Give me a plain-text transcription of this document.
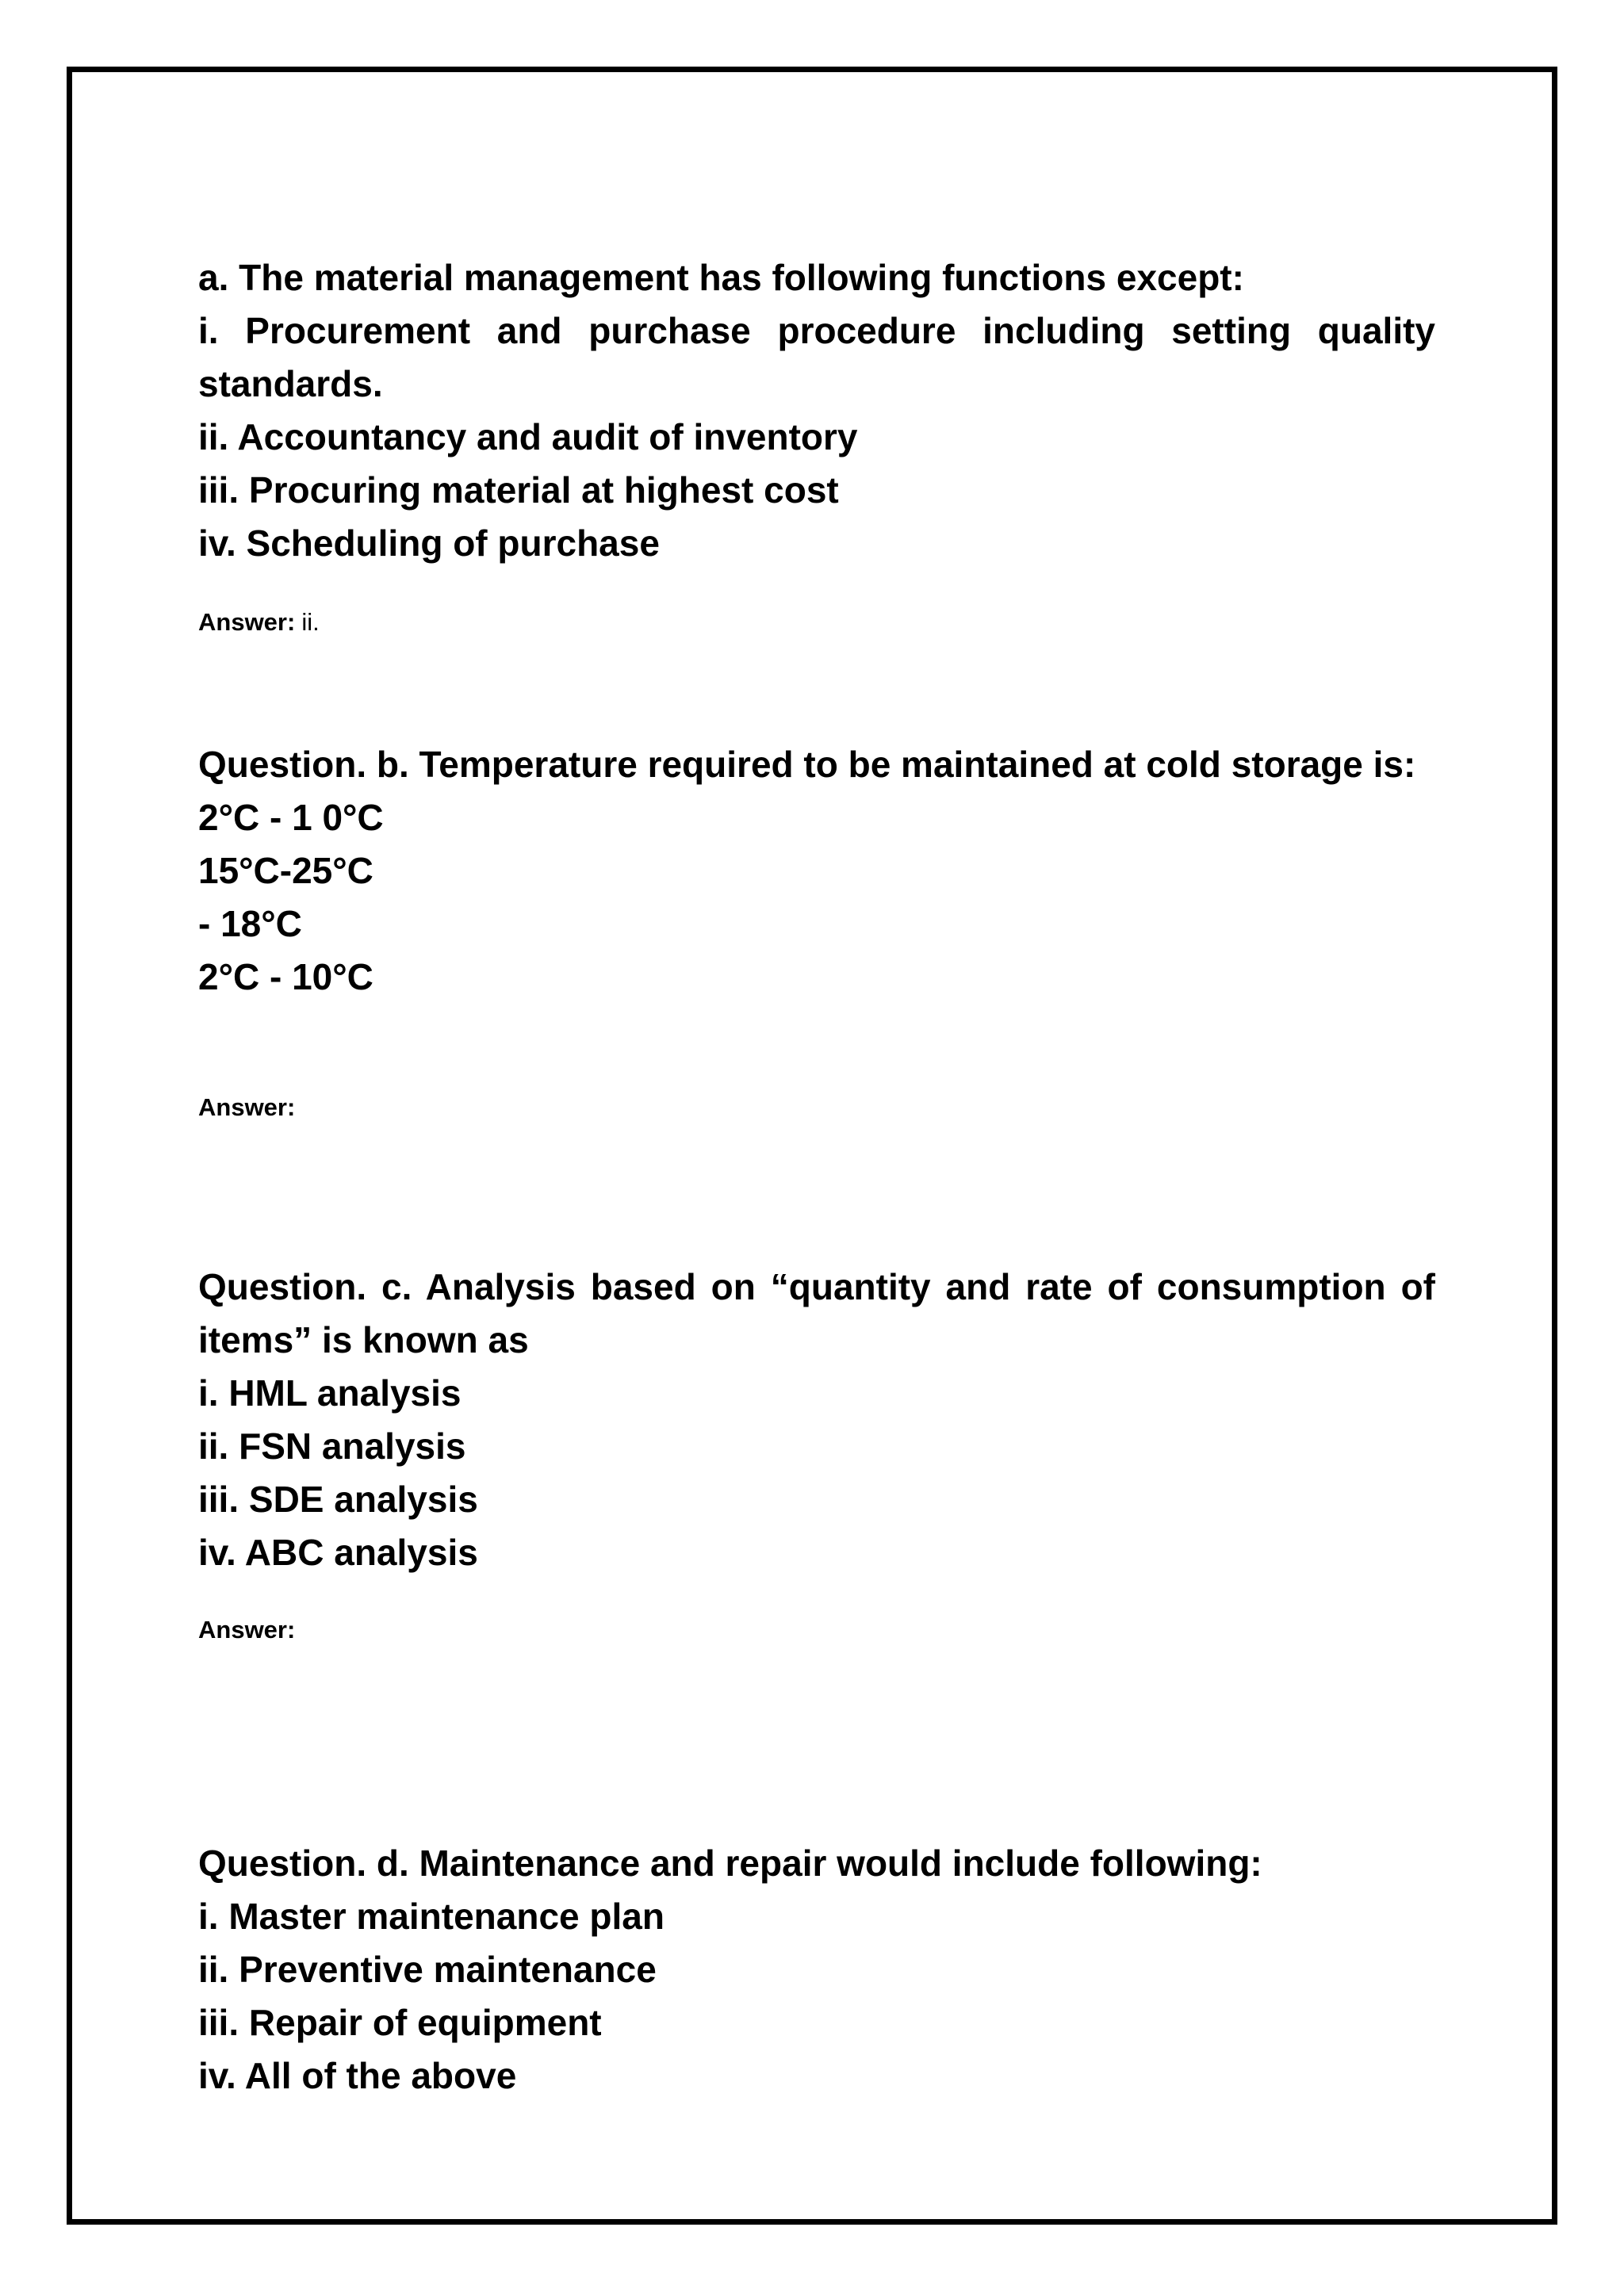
a. The material management has following functions except:

i. Procurement and purchase procedure including setting quality standards.

ii. Accountancy and audit of inventory

iii. Procuring material at highest cost

iv. Scheduling of purchase

Answer: ii.

Question. b. Temperature required to be maintained at cold storage is:

2°C - 1 0°C

15°C-25°C

- 18°C

2°C - 10°C

Answer:

Question. c. Analysis based on “quantity and rate of consumption of items” is known as

i. HML analysis

ii. FSN analysis

iii. SDE analysis

iv. ABC analysis

Answer:

Question. d. Maintenance and repair would include following:

i. Master maintenance plan

ii. Preventive maintenance

iii. Repair of equipment

iv. All of the above
